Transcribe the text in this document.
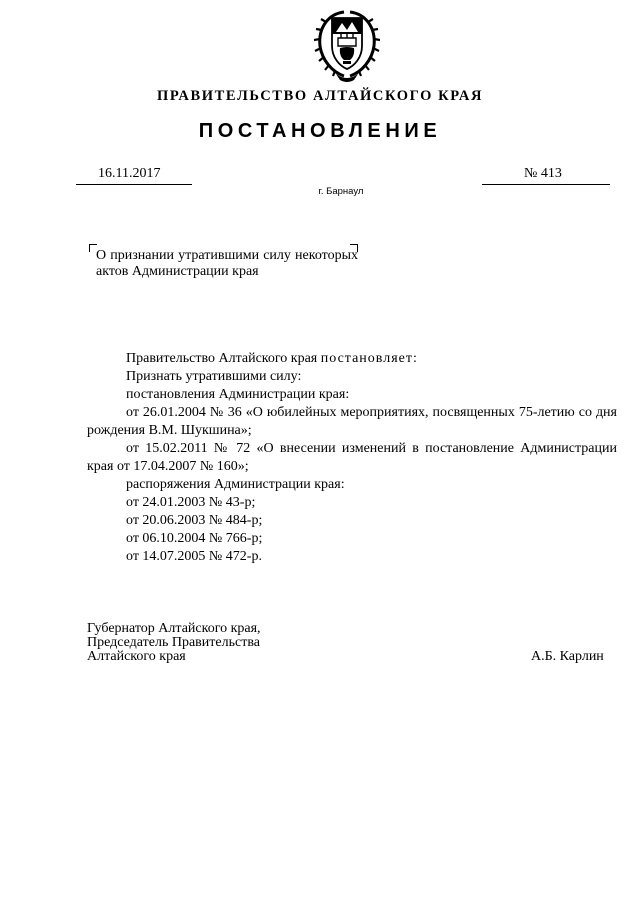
ПРАВИТЕЛЬСТВО АЛТАЙСКОГО КРАЯ
ПОСТАНОВЛЕНИЕ
16.11.2017	№ 413
г. Барнаул
О признании утратившими силу некоторых актов Администрации края

Правительство Алтайского края постановляет:

Признать утратившими силу:

постановления Администрации края:

от 26.01.2004 № 36 «О юбилейных мероприятиях, посвященных 75-летию со дня рождения В.М. Шукшина»;

от 15.02.2011 № 72 «О внесении изменений в постановление Администрации края от 17.04.2007 № 160»;

распоряжения Администрации края:

от 24.01.2003 № 43-р;

от 20.06.2003 № 484-р;

от 06.10.2004 № 766-р;

от 14.07.2005 № 472-р.

Губернатор Алтайского края,
Председатель Правительства
Алтайского края	А.Б. Карлин
